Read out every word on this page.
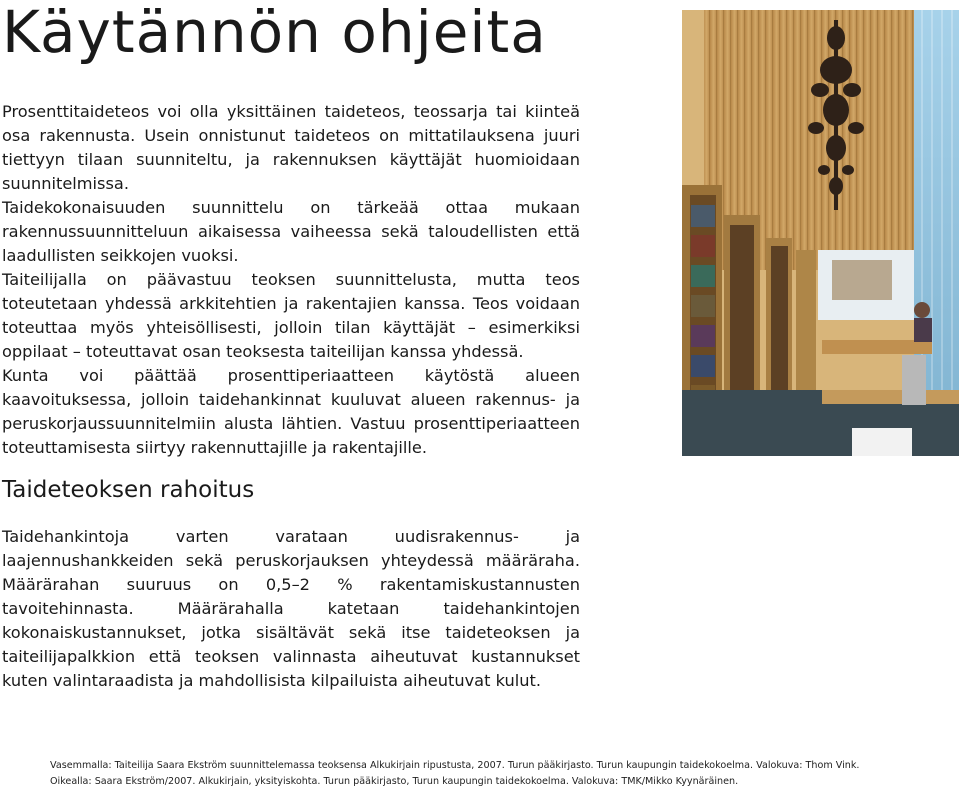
Käytännön ohjeita

Prosenttitaideteos voi olla yksittäinen taideteos, teossarja tai kiinteä osa rakennusta. Usein onnistunut taideteos on mittatilauksena juuri tiettyyn tilaan suunniteltu, ja rakennuksen käyttäjät huomioidaan suunnitelmissa.

Taidekokonaisuuden suunnittelu on tärkeää ottaa mukaan rakennussuunnitteluun aikaisessa vaiheessa sekä taloudellisten että laadullisten seikkojen vuoksi.

Taiteilijalla on päävastuu teoksen suunnittelusta, mutta teos toteutetaan yhdessä arkkitehtien ja rakentajien kanssa. Teos voidaan toteuttaa myös yhteisöllisesti, jolloin tilan käyttäjät – esimerkiksi oppilaat – toteuttavat osan teoksesta taiteilijan kanssa yhdessä.

Kunta voi päättää prosenttiperiaatteen käytöstä alueen kaavoituksessa, jolloin taidehankinnat kuuluvat alueen rakennus- ja peruskorjaussuunnitelmiin alusta lähtien. Vastuu prosenttiperiaatteen toteuttamisesta siirtyy rakennuttajille ja rakentajille.

Taideteoksen rahoitus

Taidehankintoja varten varataan uudisrakennus- ja laajennushankkeiden sekä peruskorjauksen yhteydessä määräraha. Määrärahan suuruus on 0,5–2 % rakentamiskustannusten tavoitehinnasta. Määrärahalla katetaan taidehankintojen kokonaiskustannukset, jotka sisältävät sekä itse taideteoksen ja taiteilijapalkkion että teoksen valinnasta aiheutuvat kustannukset kuten valintaraadista ja mahdollisista kilpailuista aiheutuvat kulut.

Vasemmalla: Taiteilija Saara Ekström suunnittelemassa teoksensa Alkukirjain ripustusta, 2007. Turun pääkirjasto. Turun kaupungin taidekokoelma. Valokuva: Thom Vink.
Oikealla: Saara Ekström/2007. Alkukirjain, yksityiskohta. Turun pääkirjasto, Turun kaupungin taidekokoelma. Valokuva: TMK/Mikko Kyynäräinen.
